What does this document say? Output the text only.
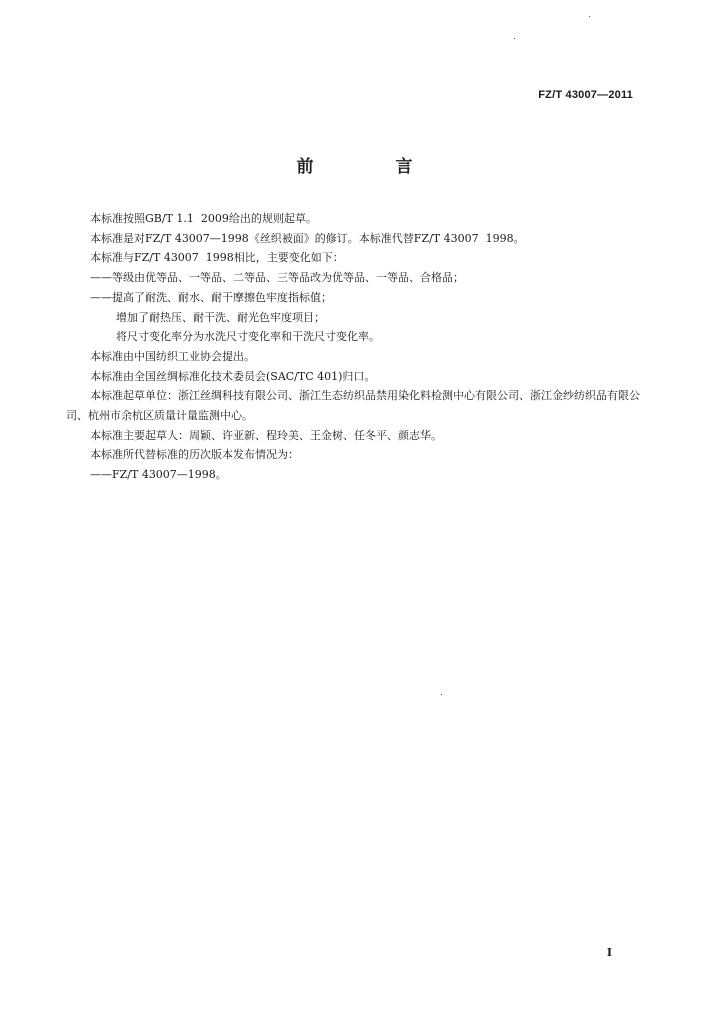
FZ/T 43007—2011
前 言

本标准按照GB/T 1.1  2009给出的规则起草。

本标准是对FZ/T 43007—1998《丝织被面》的修订。本标准代替FZ/T 43007  1998。

本标准与FZ/T 43007  1998相比，主要变化如下：

——等级由优等品、一等品、二等品、三等品改为优等品、一等品、合格品；

——提高了耐洗、耐水、耐干摩擦色牢度指标值；

增加了耐热压、耐干洗、耐光色牢度项目；

将尺寸变化率分为水洗尺寸变化率和干洗尺寸变化率。

本标准由中国纺织工业协会提出。

本标准由全国丝绸标准化技术委员会(SAC/TC 401)归口。

本标准起草单位：浙江丝绸科技有限公司、浙江生态纺织品禁用染化料检测中心有限公司、浙江金纱纺织品有限公司、杭州市余杭区质量计量监测中心。

本标准主要起草人：周颖、许亚新、程玲美、王金树、任冬平、颜志华。

本标准所代替标准的历次版本发布情况为：

——FZ/T 43007—1998。

I
